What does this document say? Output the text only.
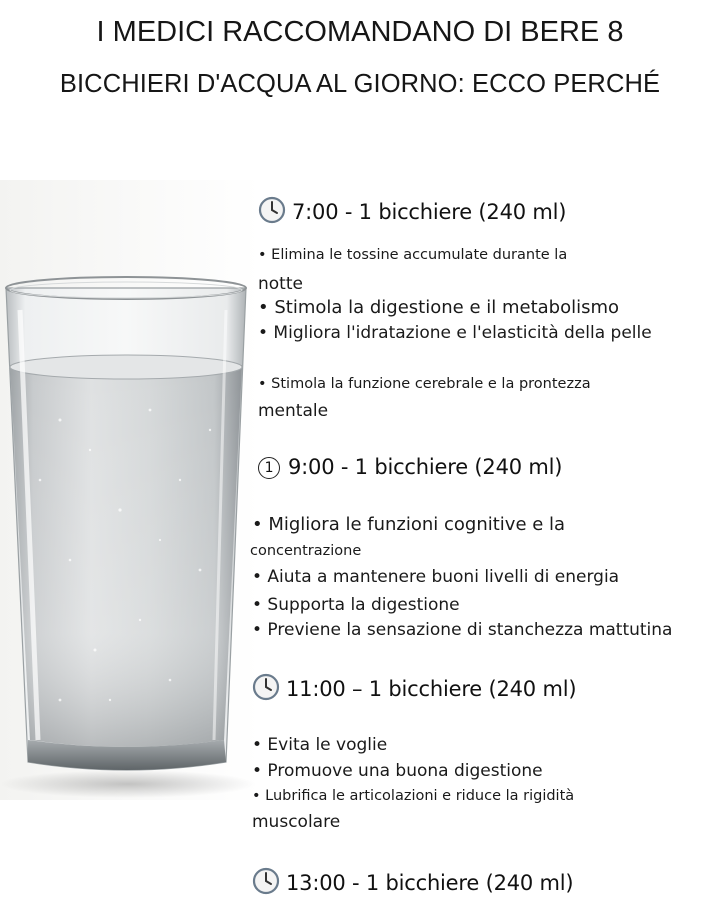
I MEDICI RACCOMANDANO DI BERE 8
BICCHIERI D'ACQUA AL GIORNO: ECCO PERCHÉ
7:00 - 1 bicchiere (240 ml)
• Elimina le tossine accumulate durante la
notte
• Stimola la digestione e il metabolismo
• Migliora l'idratazione e l'elasticità della pelle
• Stimola la funzione cerebrale e la prontezza
mentale
1 9:00 - 1 bicchiere (240 ml)
• Migliora le funzioni cognitive e la
concentrazione
• Aiuta a mantenere buoni livelli di energia
• Supporta la digestione
• Previene la sensazione di stanchezza mattutina
11:00 – 1 bicchiere (240 ml)
• Evita le voglie
• Promuove una buona digestione
• Lubrifica le articolazioni e riduce la rigidità
muscolare
13:00 - 1 bicchiere (240 ml)
